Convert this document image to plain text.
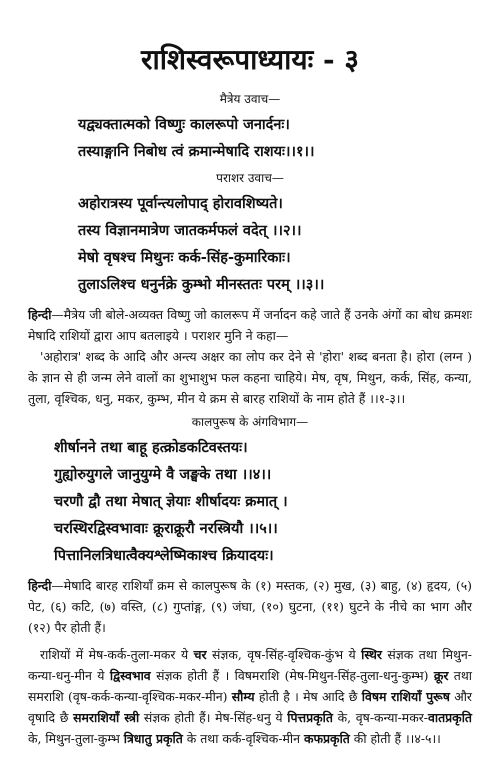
राशिस्वरूपाध्यायः - ३
मैत्रेय उवाच—
यद्व्यक्तात्मको विष्णुः कालरूपो जनार्दनः।
तस्याङ्गानि निबोध त्वं क्रमान्मेषादि राशयः।।१।।
पराशर उवाच—
अहोरात्रस्य पूर्वान्त्यलोपाद् होरावशिष्यते।
तस्य विज्ञानमात्रेण जातकर्मफलं वदेत् ।।२।।
मेषो वृषश्च मिथुनः कर्क-सिंह-कुमारिकाः।
तुलाऽलिश्च धनुर्नक्रे कुम्भो मीनस्ततः परम् ।।३।।

हिन्दी—मैत्रेय जी बोले-अव्यक्त विष्णु जो कालरूप में जर्नादन कहे जाते हैं उनके अंगों का बोध क्रमशः मेषादि राशियों द्वारा आप बतलाइये । पराशर मुनि ने कहा—

'अहोरात्र' शब्द के आदि और अन्त्य अक्षर का लोप कर देने से 'होरा' शब्द बनता है। होरा (लग्न ) के ज्ञान से ही जन्म लेने वालों का शुभाशुभ फल कहना चाहिये। मेष, वृष, मिथुन, कर्क, सिंह, कन्या, तुला, वृश्चिक, धनु, मकर, कुम्भ, मीन ये क्रम से बारह राशियों के नाम होते हैं ।।१-३।।

कालपुरूष के अंगविभाग—
शीर्षानने तथा बाहू हत्क्रोडकटिवस्तयः।
गुह्योरुयुगले जानुयुग्मे वै जङ्घके तथा ।।४।।
चरणौ द्वौ तथा मेषात् ज्ञेयाः शीर्षादयः क्रमात् ।
चरस्थिरद्विस्वभावाः क्रूराक्रूरौ नरस्त्रियौ ।।५।।
पित्तानिलत्रिधात्वैक्यश्लेष्मिकाश्च क्रियादयः।

हिन्दी—मेषादि बारह राशियाँ क्रम से कालपुरूष के (१) मस्तक, (२) मुख, (३) बाहु, (४) हृदय, (५) पेट, (६) कटि, (७) वस्ति, (८) गुप्तांङ्ग, (९) जंघा, (१०) घुटना, (११) घुटने के नीचे का भाग और (१२) पैर होती हैं।

राशियों में मेष-कर्क-तुला-मकर ये चर संज्ञक, वृष-सिंह-वृश्चिक-कुंभ ये स्थिर संज्ञक तथा मिथुन-कन्या-धनु-मीन ये द्विस्वभाव संज्ञक होती हैं । विषमराशि (मेष-मिथुन-सिंह-तुला-धनु-कुम्भ) क्रूर तथा समराशि (वृष-कर्क-कन्या-वृश्चिक-मकर-मीन) सौम्य होती है । मेष आदि छै विषम राशियाँ पुरूष और वृषादि छै समराशियाँ स्त्री संज्ञक होती हैं। मेष-सिंह-धनु ये पित्तप्रकृति के, वृष-कन्या-मकर-वातप्रकृति के, मिथुन-तुला-कुम्भ त्रिधातु प्रकृति के तथा कर्क-वृश्चिक-मीन कफप्रकृति की होती हैं ।।४-५।।
